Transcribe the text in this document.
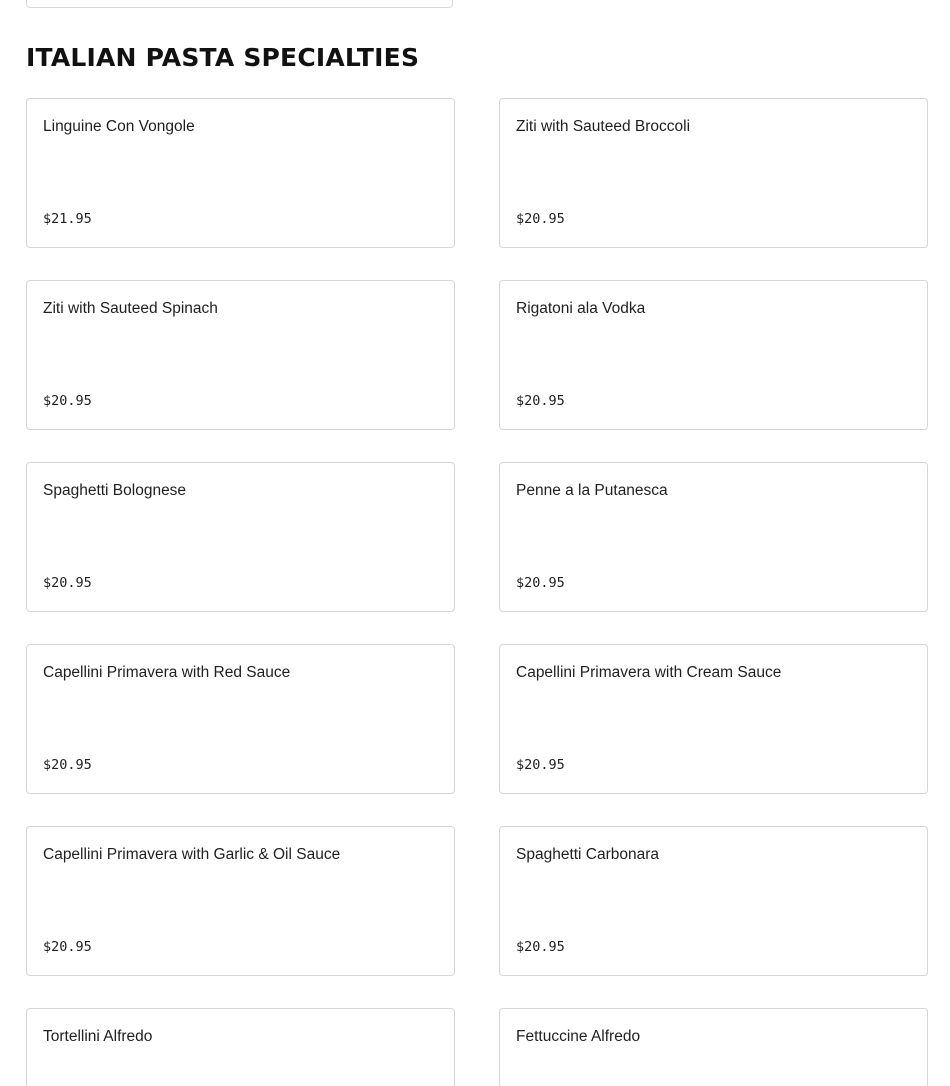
ITALIAN PASTA SPECIALTIES
Linguine Con Vongole
$21.95
Ziti with Sauteed Broccoli
$20.95
Ziti with Sauteed Spinach
$20.95
Rigatoni ala Vodka
$20.95
Spaghetti Bolognese
$20.95
Penne a la Putanesca
$20.95
Capellini Primavera with Red Sauce
$20.95
Capellini Primavera with Cream Sauce
$20.95
Capellini Primavera with Garlic & Oil Sauce
$20.95
Spaghetti Carbonara
$20.95
Tortellini Alfredo	Fettuccine Alfredo
